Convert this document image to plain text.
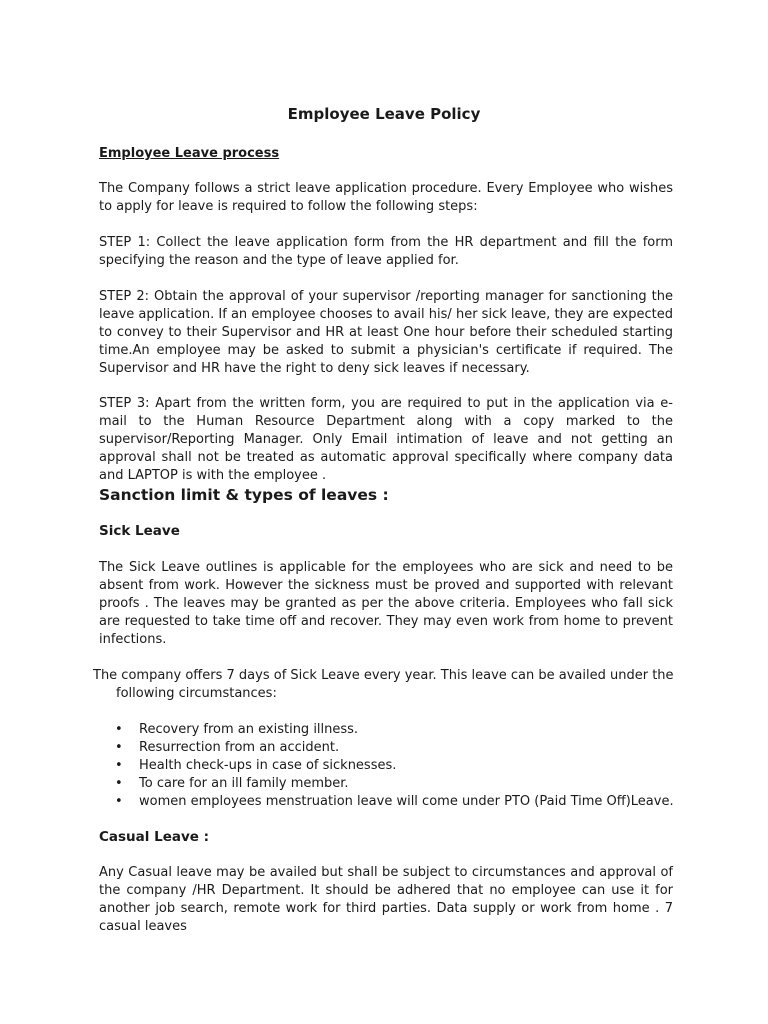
Employee Leave Policy
Employee Leave process
The Company follows a strict leave application procedure. Every Employee who wishes to apply for leave is required to follow the following steps:
STEP 1: Collect the leave application form from the HR department and fill the form specifying the reason and the type of leave applied for.
STEP 2: Obtain the approval of your supervisor /reporting manager for sanctioning the leave application. If an employee chooses to avail his/ her sick leave, they are expected to convey to their Supervisor and HR at least One hour before their scheduled starting time.An employee may be asked to submit a physician's certificate if required. The Supervisor and HR have the right to deny sick leaves if necessary.
STEP 3: Apart from the written form, you are required to put in the application via e-mail to the Human Resource Department along with a copy marked to the supervisor/Reporting Manager. Only Email intimation of leave and not getting an approval shall not be treated as automatic approval specifically where company data and LAPTOP is with the employee .
Sanction limit & types of leaves :
Sick Leave
The Sick Leave outlines is applicable for the employees who are sick and need to be absent from work. However the sickness must be proved and supported with relevant proofs . The leaves may be granted as per the above criteria. Employees who fall sick are requested to take time off and recover. They may even work from home to prevent infections.
The company offers 7 days of Sick Leave every year. This leave can be availed under the following circumstances:
• Recovery from an existing illness.
• Resurrection from an accident.
• Health check-ups in case of sicknesses.
• To care for an ill family member.
• women employees menstruation leave will come under PTO (Paid Time Off)Leave.
Casual Leave :
Any Casual leave may be availed but shall be subject to circumstances and approval of the company /HR Department. It should be adhered that no employee can use it for another job search, remote work for third parties. Data supply or work from home . 7 casual leaves
